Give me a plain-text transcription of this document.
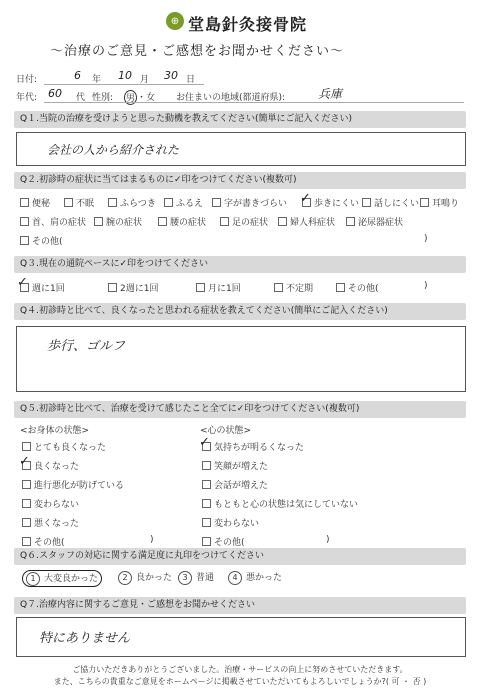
⊕ 堂島針灸接骨院
〜治療のご意見・ご感想をお聞かせください〜
日付:	6 年 10 月 30 日
年代: 60 代 性別: 男 ・ 女 お住まいの地域(都道府県):	兵庫
Q１.当院の治療を受けようと思った動機を教えてください(簡単にご記入ください)
会社の人から紹介された
Q２.初診時の症状に当てはまるものに✓印をつけてください(複数可)
便秘	不眠	ふらつき	ふるえ	字が書きづらい	歩きにくい	話しにくい	耳鳴り
✓
首、肩の症状	腕の症状	腰の症状	足の症状	婦人科症状	泌尿器症状
その他(	)
Q３.現在の通院ペースに✓印をつけてください
週に1回	2週に1回	月に1回	不定期	その他(	)
✓
Q４.初診時と比べて、良くなったと思われる症状を教えてください(簡単にご記入ください)
歩行、ゴルフ
Q５.初診時と比べて、治療を受けて感じたこと全てに✓印をつけてください(複数可)
<お身体の状態>	<心の状態>
とても良くなった
良くなった
進行悪化が防げている
変わらない
悪くなった
その他(	)
✓
気持ちが明るくなった
笑顔が増えた
会話が増えた
もともと心の状態は気にしていない
変わらない
その他(	)
✓
Q６.スタッフの対応に関する満足度に丸印をつけてください
1 大変良かった	2 良かった	3 普通	4 悪かった
Q７.治療内容に関するご意見・ご感想をお聞かせください
特にありません
ご協力いただきありがとうございました。治療・サービスの向上に努めさせていただきます。
また、こちらの貴重なご意見をホームページに掲載させていただいてもよろしいでしょうか?( 可 ・ 否 )
